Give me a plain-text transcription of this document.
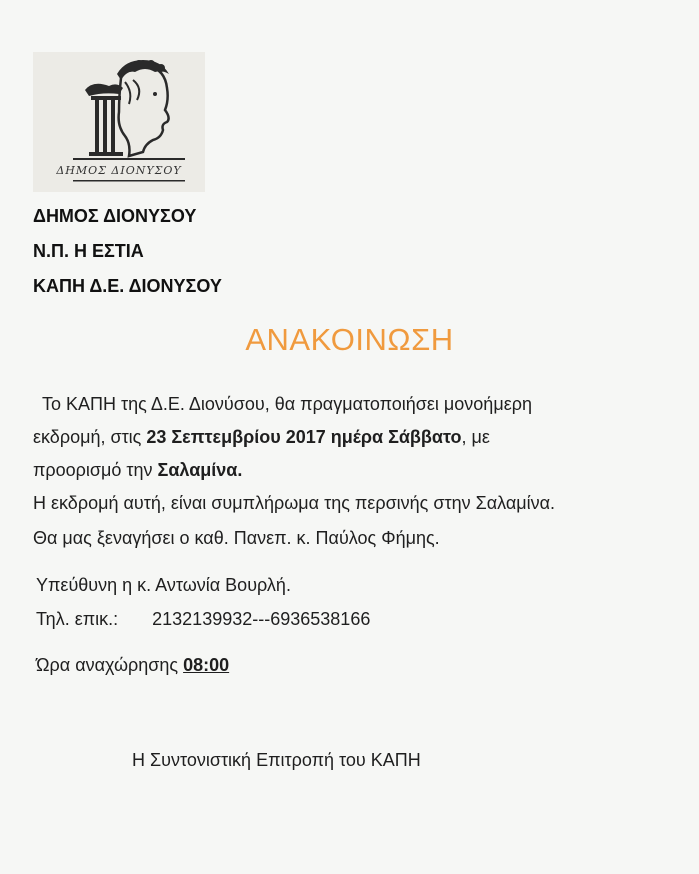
ΔΗΜΟΣ ΔΙΟΝΥΣΟΥ
ΔΗΜΟΣ ΔΙΟΝΥΣΟΥ
Ν.Π. Η ΕΣΤΙΑ
ΚΑΠΗ Δ.Ε. ΔΙΟΝΥΣΟΥ
ΑΝΑΚΟΙΝΩΣΗ
Το ΚΑΠΗ της Δ.Ε. Διονύσου, θα πραγματοποιήσει μονοήμερη
εκδρομή, στις 23 Σεπτεμβρίου 2017 ημέρα Σάββατο, με
προορισμό την Σαλαμίνα.
Η εκδρομή αυτή, είναι συμπλήρωμα της περσινής στην Σαλαμίνα.
Θα μας ξεναγήσει ο καθ. Πανεπ. κ. Παύλος Φήμης.
Υπεύθυνη η κ. Αντωνία Βουρλή.
Τηλ. επικ.: 2132139932---6936538166
Ώρα αναχώρησης 08:00
Η Συντονιστική Επιτροπή του ΚΑΠΗ
